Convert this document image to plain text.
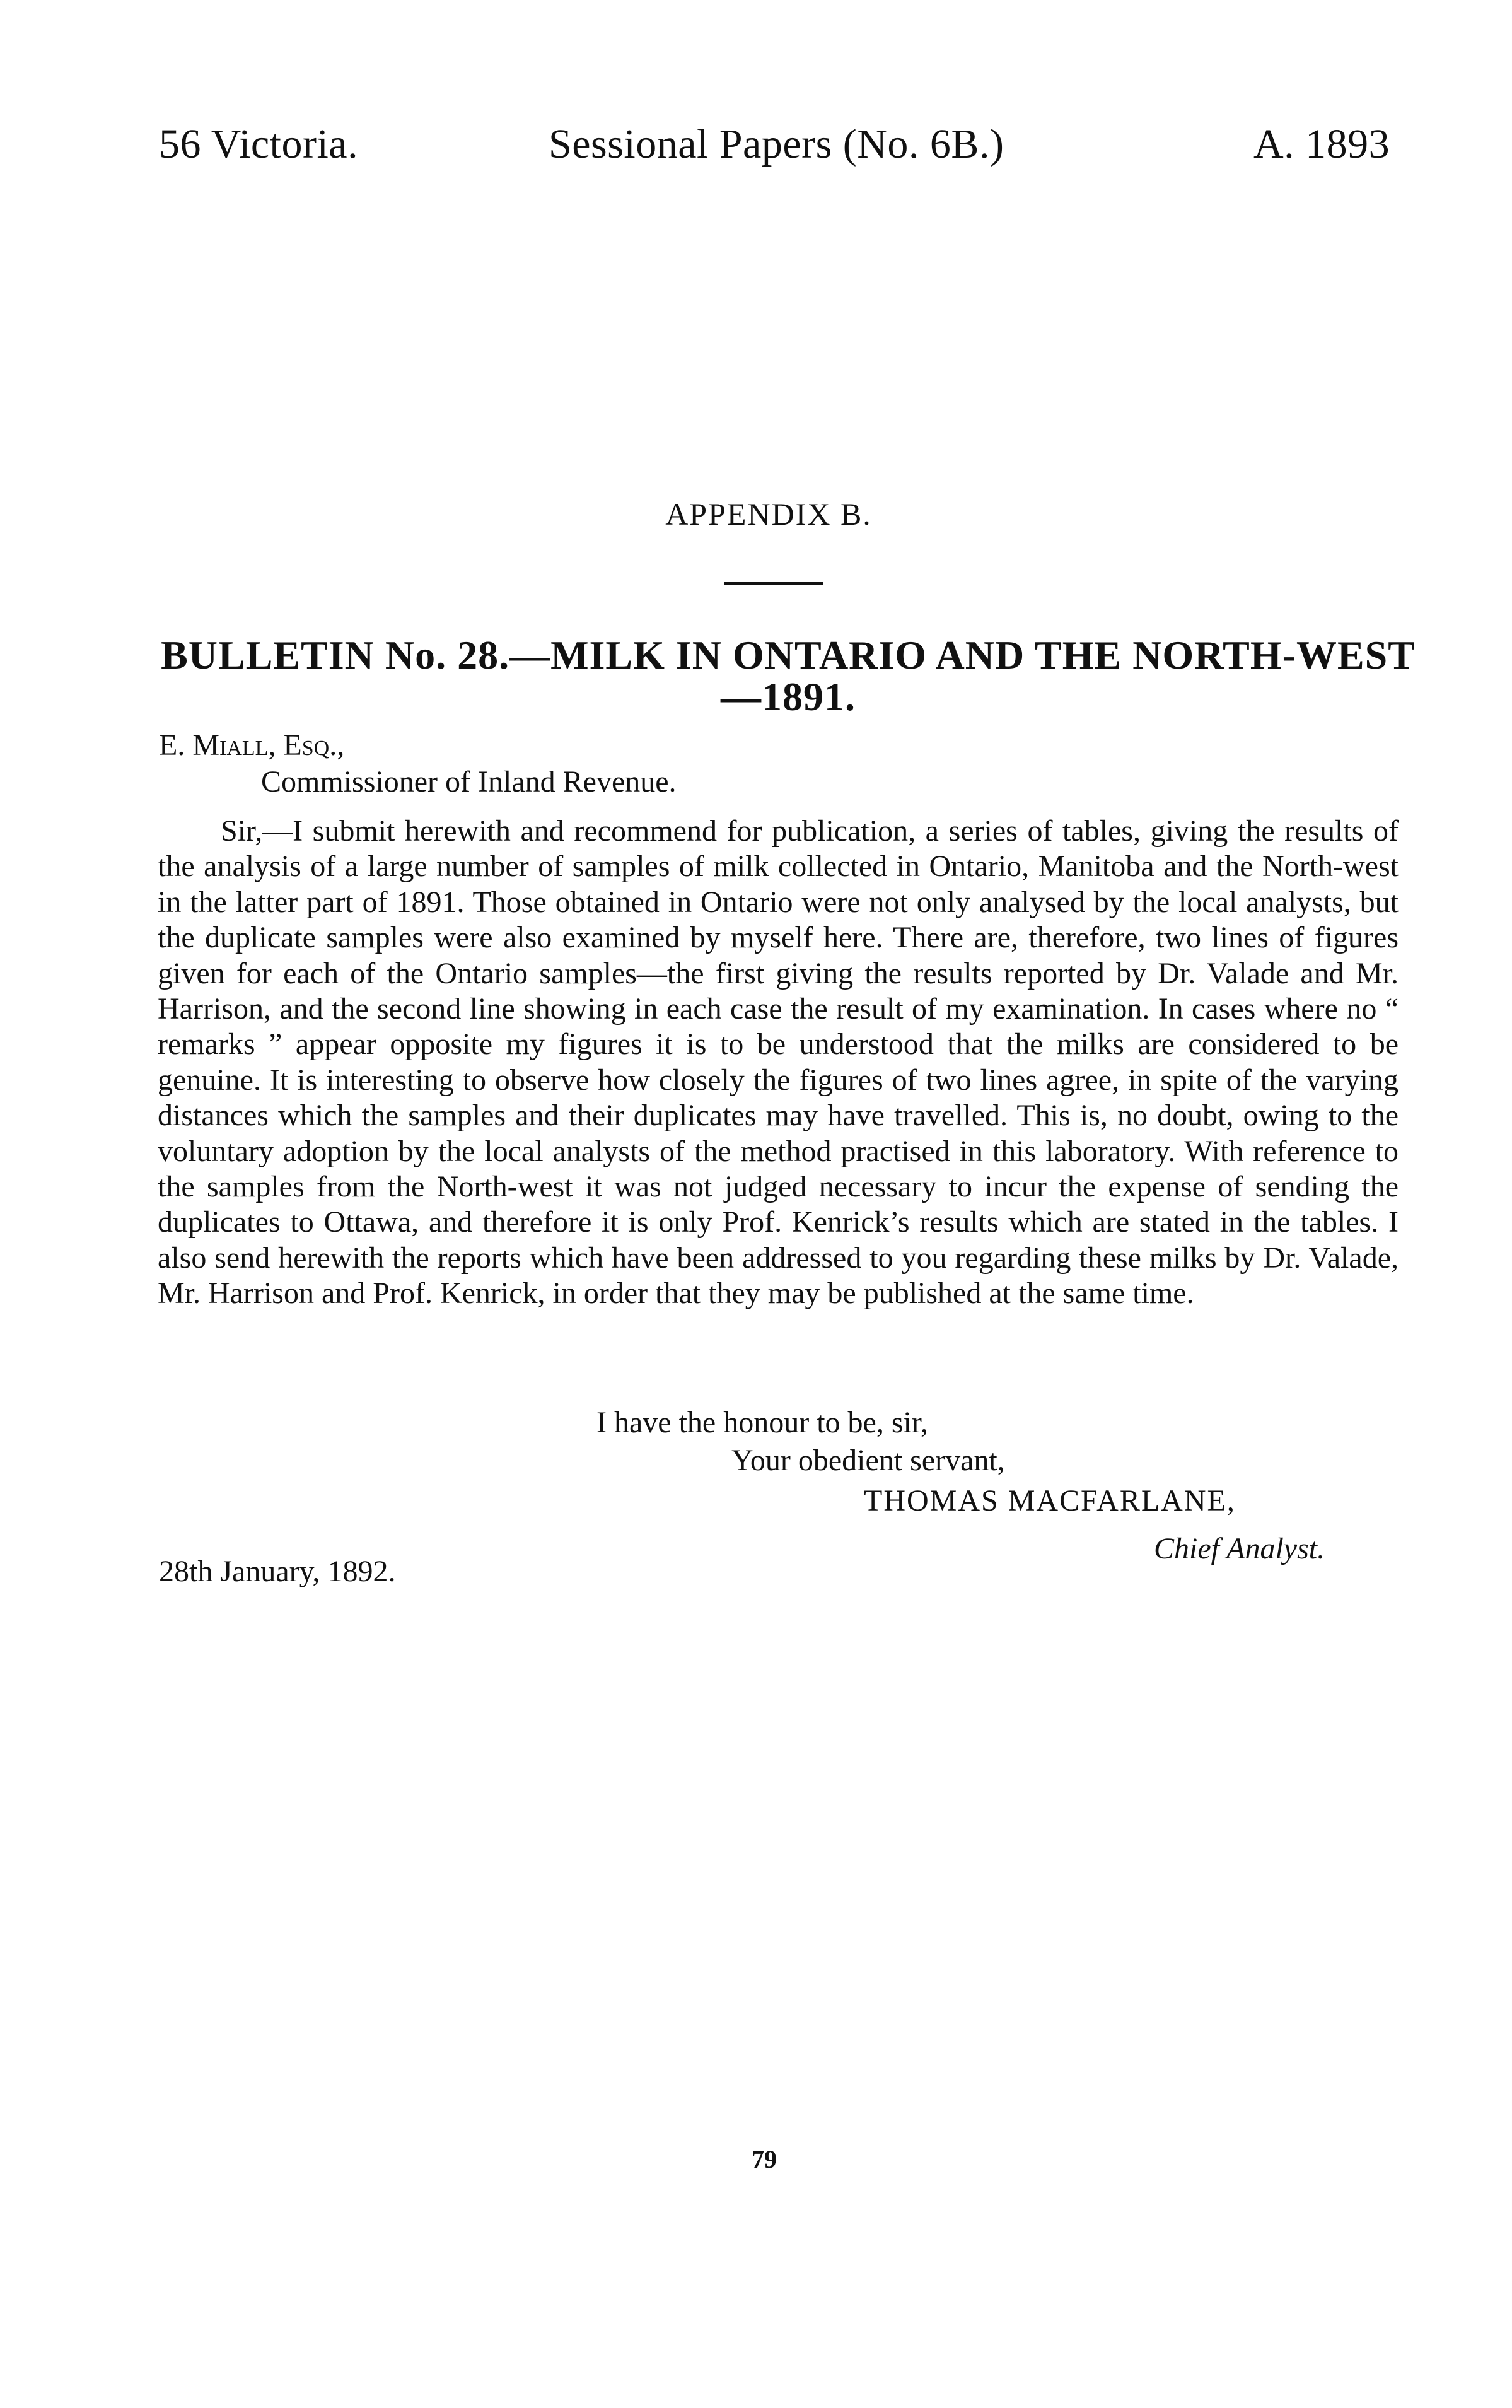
56 Victoria.	Sessional Papers (No. 6B.)	A. 1893
APPENDIX B.
BULLETIN No. 28.—MILK IN ONTARIO AND THE NORTH-WEST—1891.
E. Miall, Esq.,
Commissioner of Inland Revenue.
Sir,—I submit herewith and recommend for publication, a series of tables, giving the results of the analysis of a large number of samples of milk collected in Ontario, Manitoba and the North-west in the latter part of 1891. Those obtained in Ontario were not only analysed by the local analysts, but the duplicate samples were also examined by myself here. There are, therefore, two lines of figures given for each of the Ontario samples—the first giving the results reported by Dr. Valade and Mr. Harrison, and the second line showing in each case the result of my examination. In cases where no “ remarks ” appear opposite my figures it is to be understood that the milks are considered to be genuine. It is interesting to observe how closely the figures of two lines agree, in spite of the varying distances which the samples and their duplicates may have travelled. This is, no doubt, owing to the voluntary adoption by the local analysts of the method practised in this laboratory. With reference to the samples from the North-west it was not judged necessary to incur the expense of sending the duplicates to Ottawa, and therefore it is only Prof. Kenrick’s results which are stated in the tables. I also send herewith the reports which have been addressed to you regarding these milks by Dr. Valade, Mr. Harrison and Prof. Kenrick, in order that they may be published at the same time.
I have the honour to be, sir,
Your obedient servant,
THOMAS MACFARLANE,
Chief Analyst.
28th January, 1892.
79
